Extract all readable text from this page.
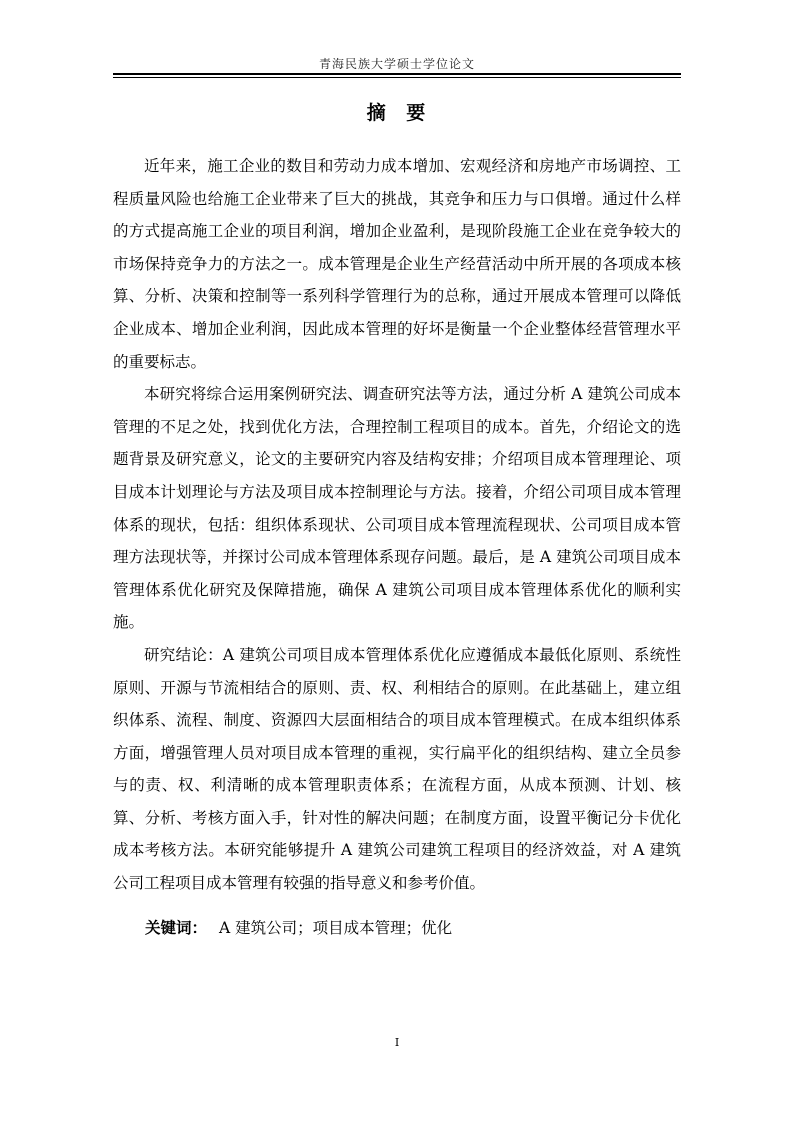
青海民族大学硕士学位论文
摘 要

近年来，施工企业的数目和劳动力成本增加、宏观经济和房地产市场调控、工程质量风险也给施工企业带来了巨大的挑战，其竞争和压力与口俱增。通过什么样的方式提高施工企业的项目利润，增加企业盈利，是现阶段施工企业在竞争较大的市场保持竞争力的方法之一。成本管理是企业生产经营活动中所开展的各项成本核算、分析、决策和控制等一系列科学管理行为的总称，通过开展成本管理可以降低企业成本、增加企业利润，因此成本管理的好坏是衡量一个企业整体经营管理水平的重要标志。

本研究将综合运用案例研究法、调查研究法等方法，通过分析 A 建筑公司成本管理的不足之处，找到优化方法，合理控制工程项目的成本。首先，介绍论文的选题背景及研究意义，论文的主要研究内容及结构安排；介绍项目成本管理理论、项目成本计划理论与方法及项目成本控制理论与方法。接着，介绍公司项目成本管理体系的现状，包括：组织体系现状、公司项目成本管理流程现状、公司项目成本管理方法现状等，并探讨公司成本管理体系现存问题。最后，是 A 建筑公司项目成本管理体系优化研究及保障措施，确保 A 建筑公司项目成本管理体系优化的顺利实施。

研究结论：A 建筑公司项目成本管理体系优化应遵循成本最低化原则、系统性原则、开源与节流相结合的原则、责、权、利相结合的原则。在此基础上，建立组织体系、流程、制度、资源四大层面相结合的项目成本管理模式。在成本组织体系方面，增强管理人员对项目成本管理的重视，实行扁平化的组织结构、建立全员参与的责、权、利清晰的成本管理职责体系；在流程方面，从成本预测、计划、核算、分析、考核方面入手，针对性的解决问题；在制度方面，设置平衡记分卡优化成本考核方法。本研究能够提升 A 建筑公司建筑工程项目的经济效益，对 A 建筑公司工程项目成本管理有较强的指导意义和参考价值。

关键词： A 建筑公司；项目成本管理；优化
I
